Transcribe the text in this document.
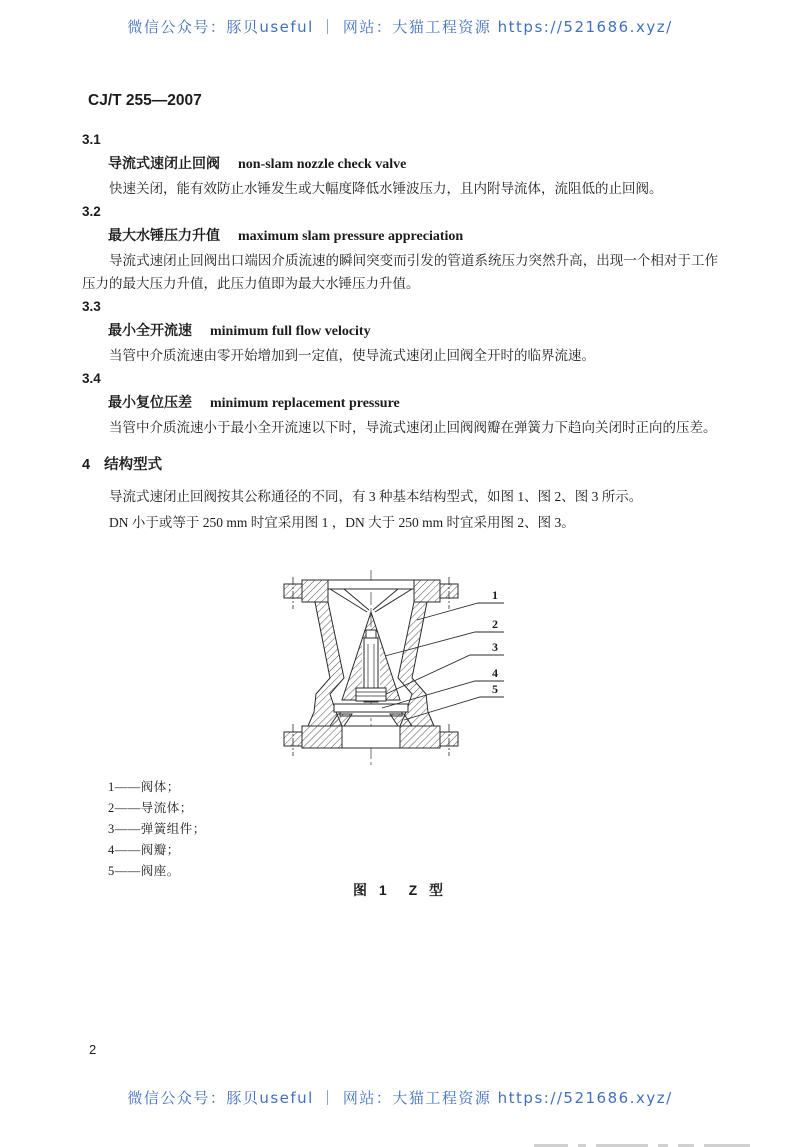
微信公众号：豚贝useful ｜ 网站：大猫工程资源 https://521686.xyz/
CJ/T 255—2007
3.1
导流式速闭止回阀 non-slam nozzle check valve
快速关闭，能有效防止水锤发生或大幅度降低水锤波压力，且内附导流体，流阻低的止回阀。
3.2
最大水锤压力升值 maximum slam pressure appreciation
导流式速闭止回阀出口端因介质流速的瞬间突变而引发的管道系统压力突然升高，出现一个相对于工作压力的最大压力升值，此压力值即为最大水锤压力升值。
3.3
最小全开流速 minimum full flow velocity
当管中介质流速由零开始增加到一定值，使导流式速闭止回阀全开时的临界流速。
3.4
最小复位压差 minimum replacement pressure
当管中介质流速小于最小全开流速以下时，导流式速闭止回阀阀瓣在弹簧力下趋向关闭时正向的压差。
4 结构型式
导流式速闭止回阀按其公称通径的不同，有 3 种基本结构型式，如图 1、图 2、图 3 所示。
DN 小于或等于 250 mm 时宜采用图 1 ，DN 大于 250 mm 时宜采用图 2、图 3。
1
2
3
4
5
1——阀体；
2——导流体；
3——弹簧组件；
4——阀瓣；
5——阀座。
图 1　Z 型
2
微信公众号：豚贝useful ｜ 网站：大猫工程资源 https://521686.xyz/
